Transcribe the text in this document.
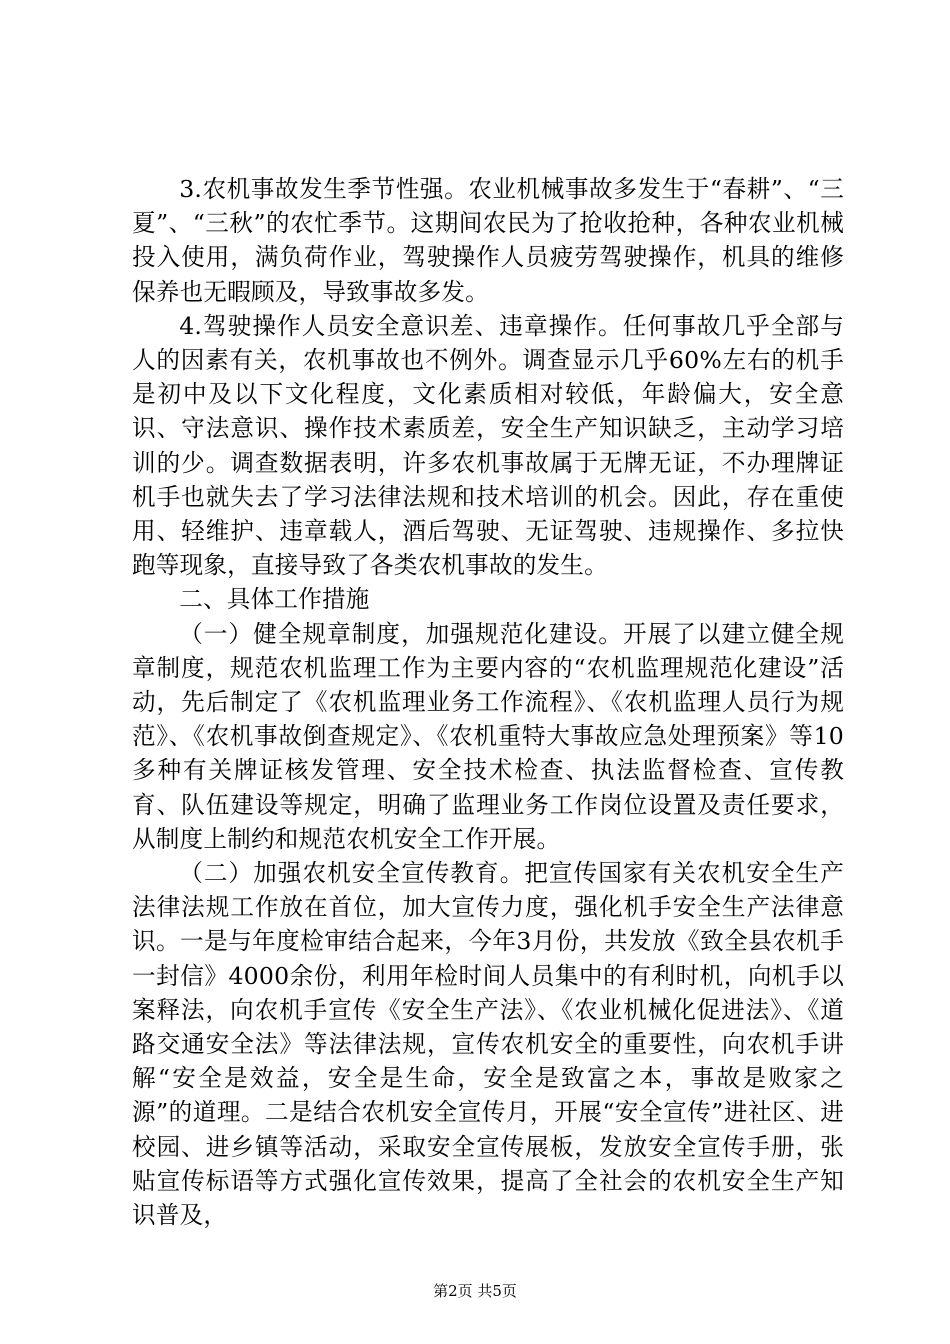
3.农机事故发生季节性强。农业机械事故多发生于“春耕”、“三夏”、“三秋”的农忙季节。这期间农民为了抢收抢种，各种农业机械投入使用，满负荷作业，驾驶操作人员疲劳驾驶操作，机具的维修保养也无暇顾及，导致事故多发。

4.驾驶操作人员安全意识差、违章操作。任何事故几乎全部与人的因素有关，农机事故也不例外。调查显示几乎60%左右的机手是初中及以下文化程度，文化素质相对较低，年龄偏大，安全意识、守法意识、操作技术素质差，安全生产知识缺乏，主动学习培训的少。调查数据表明，许多农机事故属于无牌无证，不办理牌证机手也就失去了学习法律法规和技术培训的机会。因此，存在重使用、轻维护、违章载人，酒后驾驶、无证驾驶、违规操作、多拉快跑等现象，直接导致了各类农机事故的发生。

二、具体工作措施

（一）健全规章制度，加强规范化建设。开展了以建立健全规章制度，规范农机监理工作为主要内容的“农机监理规范化建设”活动，先后制定了《农机监理业务工作流程》、《农机监理人员行为规范》、《农机事故倒查规定》、《农机重特大事故应急处理预案》等10多种有关牌证核发管理、安全技术检查、执法监督检查、宣传教育、队伍建设等规定，明确了监理业务工作岗位设置及责任要求，从制度上制约和规范农机安全工作开展。

（二）加强农机安全宣传教育。把宣传国家有关农机安全生产法律法规工作放在首位，加大宣传力度，强化机手安全生产法律意识。一是与年度检审结合起来，今年3月份，共发放《致全县农机手一封信》4000余份，利用年检时间人员集中的有利时机，向机手以案释法，向农机手宣传《安全生产法》、《农业机械化促进法》、《道路交通安全法》等法律法规，宣传农机安全的重要性，向农机手讲解“安全是效益，安全是生命，安全是致富之本，事故是败家之源”的道理。二是结合农机安全宣传月，开展“安全宣传”进社区、进校园、进乡镇等活动，采取安全宣传展板，发放安全宣传手册，张贴宣传标语等方式强化宣传效果，提高了全社会的农机安全生产知识普及，

第2页 共5页
